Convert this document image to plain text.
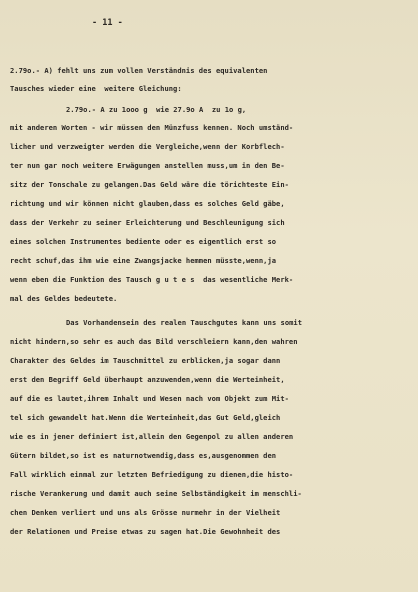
- 11 -
2.79o.- A) fehlt uns zum vollen Verständnis des equivalenten
Tausches wieder eine  weitere Gleichung:
2.79o.- A zu 1ooo g  wie 27.9o A  zu 1o g,
mit anderen Worten - wir müssen den Münzfuss kennen. Noch umständ-
licher und verzweigter werden die Vergleiche,wenn der Korbflech-
ter nun gar noch weitere Erwägungen anstellen muss,um in den Be-
sitz der Tonschale zu gelangen.Das Geld wäre die törichteste Ein-
richtung und wir können nicht glauben,dass es solches Geld gäbe,
dass der Verkehr zu seiner Erleichterung und Beschleunigung sich
eines solchen Instrumentes bediente oder es eigentlich erst so
recht schuf,das ihm wie eine Zwangsjacke hemmen müsste,wenn,ja
wenn eben die Funktion des Tausch g u t e s  das wesentliche Merk-
mal des Geldes bedeutete.
Das Vorhandensein des realen Tauschgutes kann uns somit
nicht hindern,so sehr es auch das Bild verschleiern kann,den wahren
Charakter des Geldes im Tauschmittel zu erblicken,ja sogar dann
erst den Begriff Geld überhaupt anzuwenden,wenn die Werteinheit,
auf die es lautet,ihrem Inhalt und Wesen nach vom Objekt zum Mit-
tel sich gewandelt hat.Wenn die Werteinheit,das Gut Geld,gleich
wie es in jener definiert ist,allein den Gegenpol zu allen anderen
Gütern bildet,so ist es naturnotwendig,dass es,ausgenommen den
Fall wirklich einmal zur letzten Befriedigung zu dienen,die histo-
rische Verankerung und damit auch seine Selbständigkeit im menschli-
chen Denken verliert und uns als Grösse nurmehr in der Vielheit
der Relationen und Preise etwas zu sagen hat.Die Gewohnheit des
